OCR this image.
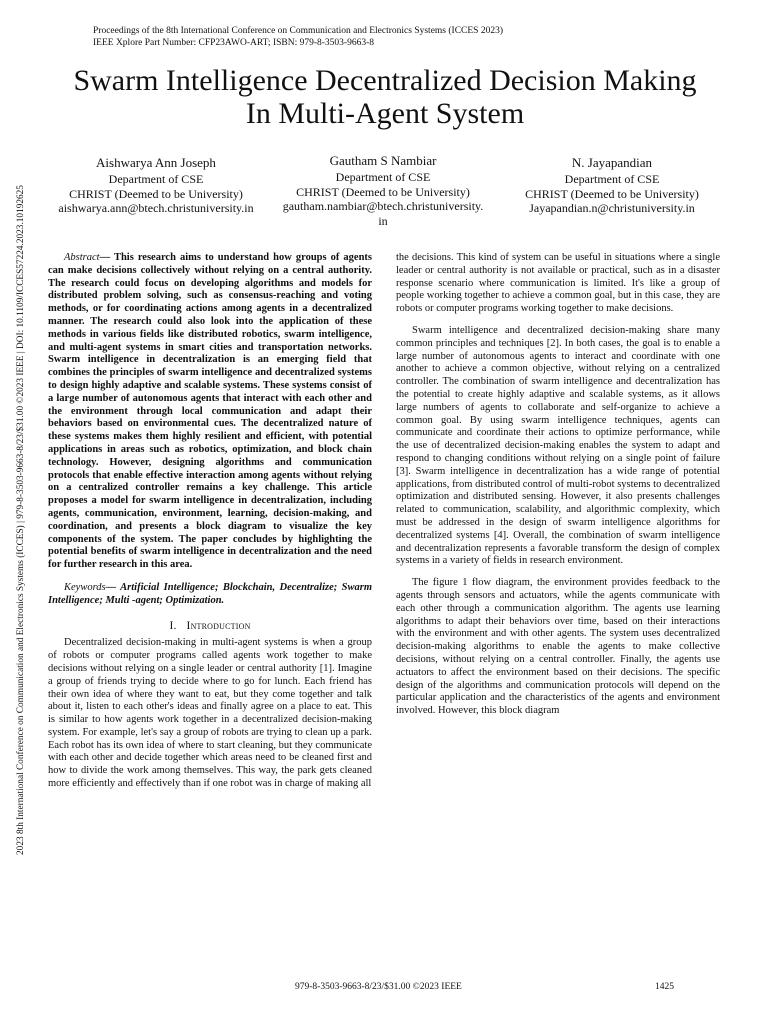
Proceedings of the 8th International Conference on Communication and Electronics Systems (ICCES 2023)
IEEE Xplore Part Number: CFP23AWO-ART; ISBN: 979-8-3503-9663-8
2023 8th International Conference on Communication and Electronics Systems (ICCES) | 979-8-3503-9663-8/23/$31.00 ©2023 IEEE | DOI: 10.1109/ICCES57224.2023.10192625
Swarm Intelligence Decentralized Decision Making
In Multi-Agent System
Aishwarya Ann Joseph
Department of CSE
CHRIST (Deemed to be University)
aishwarya.ann@btech.christuniversity.in
Gautham S Nambiar
Department of CSE
CHRIST (Deemed to be University)
gautham.nambiar@btech.christuniversity.
in
N. Jayapandian
Department of CSE
CHRIST (Deemed to be University)
Jayapandian.n@christuniversity.in

Abstract— This research aims to understand how groups of agents can make decisions collectively without relying on a central authority. The research could focus on developing algorithms and models for distributed problem solving, such as consensus-reaching and voting methods, or for coordinating actions among agents in a decentralized manner. The research could also look into the application of these methods in various fields like distributed robotics, swarm intelligence, and multi-agent systems in smart cities and transportation networks. Swarm intelligence in decentralization is an emerging field that combines the principles of swarm intelligence and decentralized systems to design highly adaptive and scalable systems. These systems consist of a large number of autonomous agents that interact with each other and the environment through local communication and adapt their behaviors based on environmental cues. The decentralized nature of these systems makes them highly resilient and efficient, with potential applications in areas such as robotics, optimization, and block chain technology. However, designing algorithms and communication protocols that enable effective interaction among agents without relying on a centralized controller remains a key challenge. This article proposes a model for swarm intelligence in decentralization, including agents, communication, environment, learning, decision-making, and coordination, and presents a block diagram to visualize the key components of the system. The paper concludes by highlighting the potential benefits of swarm intelligence in decentralization and the need for further research in this area.

Keywords— Artificial Intelligence; Blockchain, Decentralize; Swarm Intelligence; Multi -agent; Optimization.

I. Introduction

Decentralized decision-making in multi-agent systems is when a group of robots or computer programs called agents work together to make decisions without relying on a single leader or central authority [1]. Imagine a group of friends trying to decide where to go for lunch. Each friend has their own idea of where they want to eat, but they come together and talk about it, listen to each other's ideas and finally agree on a place to eat. This is similar to how agents work together in a decentralized decision-making system. For example, let's say a group of robots are trying to clean up a park. Each robot has its own idea of where to start cleaning, but they communicate with each other and decide together which areas need to be cleaned first and how to divide the work among themselves. This way, the park gets cleaned more efficiently and effectively than if one robot was in charge of making all

the decisions. This kind of system can be useful in situations where a single leader or central authority is not available or practical, such as in a disaster response scenario where communication is limited. It's like a group of people working together to achieve a common goal, but in this case, they are robots or computer programs working together to make decisions.

Swarm intelligence and decentralized decision-making share many common principles and techniques [2]. In both cases, the goal is to enable a large number of autonomous agents to interact and coordinate with one another to achieve a common objective, without relying on a centralized controller. The combination of swarm intelligence and decentralization has the potential to create highly adaptive and scalable systems, as it allows large numbers of agents to collaborate and self-organize to achieve a common goal. By using swarm intelligence techniques, agents can communicate and coordinate their actions to optimize performance, while the use of decentralized decision-making enables the system to adapt and respond to changing conditions without relying on a single point of failure [3]. Swarm intelligence in decentralization has a wide range of potential applications, from distributed control of multi-robot systems to decentralized optimization and distributed sensing. However, it also presents challenges related to communication, scalability, and algorithmic complexity, which must be addressed in the design of swarm intelligence algorithms for decentralized systems [4]. Overall, the combination of swarm intelligence and decentralization represents a favorable transform the design of complex systems in a variety of fields in research environment.

The figure 1 flow diagram, the environment provides feedback to the agents through sensors and actuators, while the agents communicate with each other through a communication algorithm. The agents use learning algorithms to adapt their behaviors over time, based on their interactions with the environment and with other agents. The system uses decentralized decision-making algorithms to enable the agents to make collective decisions, without relying on a central controller. Finally, the agents use actuators to affect the environment based on their decisions. The specific design of the algorithms and communication protocols will depend on the particular application and the characteristics of the agents and environment involved. However, this block diagram

979-8-3503-9663-8/23/$31.00 ©2023 IEEE	1425
